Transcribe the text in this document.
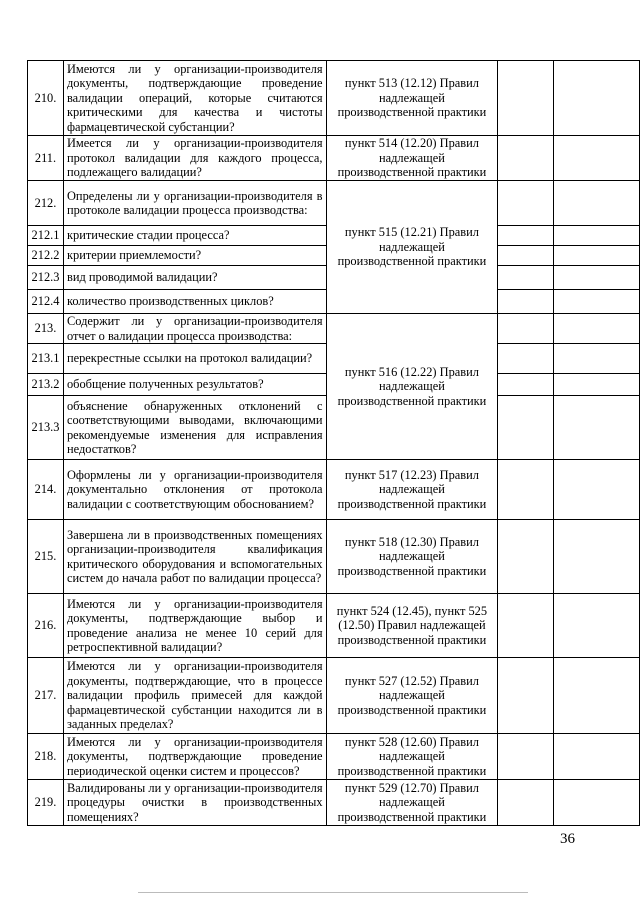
210.	Имеются ли у организации-производителя документы, подтверждающие проведение валидации операций, которые считаются критическими для качества и чистоты фармацевтической субстанции?	пункт 513 (12.12) Правил надлежащей производственной практики		
211.	Имеется ли у организации-производителя протокол валидации для каждого процесса, подлежащего валидации?	пункт 514 (12.20) Правил надлежащей производственной практики		
212.	Определены ли у организации-производителя в протоколе валидации процесса производства:	пункт 515 (12.21) Правил надлежащей производственной практики		
212.1	критические стадии процесса?			
212.2	критерии приемлемости?			
212.3	вид проводимой валидации?			
212.4	количество производственных циклов?			
213.	Содержит ли у организации-производителя отчет о валидации процесса производства:	пункт 516 (12.22) Правил надлежащей производственной практики		
213.1	перекрестные ссылки на протокол валидации?			
213.2	обобщение полученных результатов?			
213.3	объяснение обнаруженных отклонений с соответствующими выводами, включающими рекомендуемые изменения для исправления недостатков?			
214.	Оформлены ли у организации-производителя документально отклонения от протокола валидации с соответствующим обоснованием?	пункт 517 (12.23) Правил надлежащей производственной практики		
215.	Завершена ли в производственных помещениях организации-производителя квалификация критического оборудования и вспомогательных систем до начала работ по валидации процесса?	пункт 518 (12.30) Правил надлежащей производственной практики		
216.	Имеются ли у организации-производителя документы, подтверждающие выбор и проведение анализа не менее 10 серий для ретроспективной валидации?	пункт 524 (12.45), пункт 525 (12.50) Правил надлежащей производственной практики		
217.	Имеются ли у организации-производителя документы, подтверждающие, что в процессе валидации профиль примесей для каждой фармацевтической субстанции находится ли в заданных пределах?	пункт 527 (12.52) Правил надлежащей производственной практики		
218.	Имеются ли у организации-производителя документы, подтверждающие проведение периодической оценки систем и процессов?	пункт 528 (12.60) Правил надлежащей производственной практики		
219.	Валидированы ли у организации-производителя процедуры очистки в производственных помещениях?	пункт 529 (12.70) Правил надлежащей производственной практики		
36
